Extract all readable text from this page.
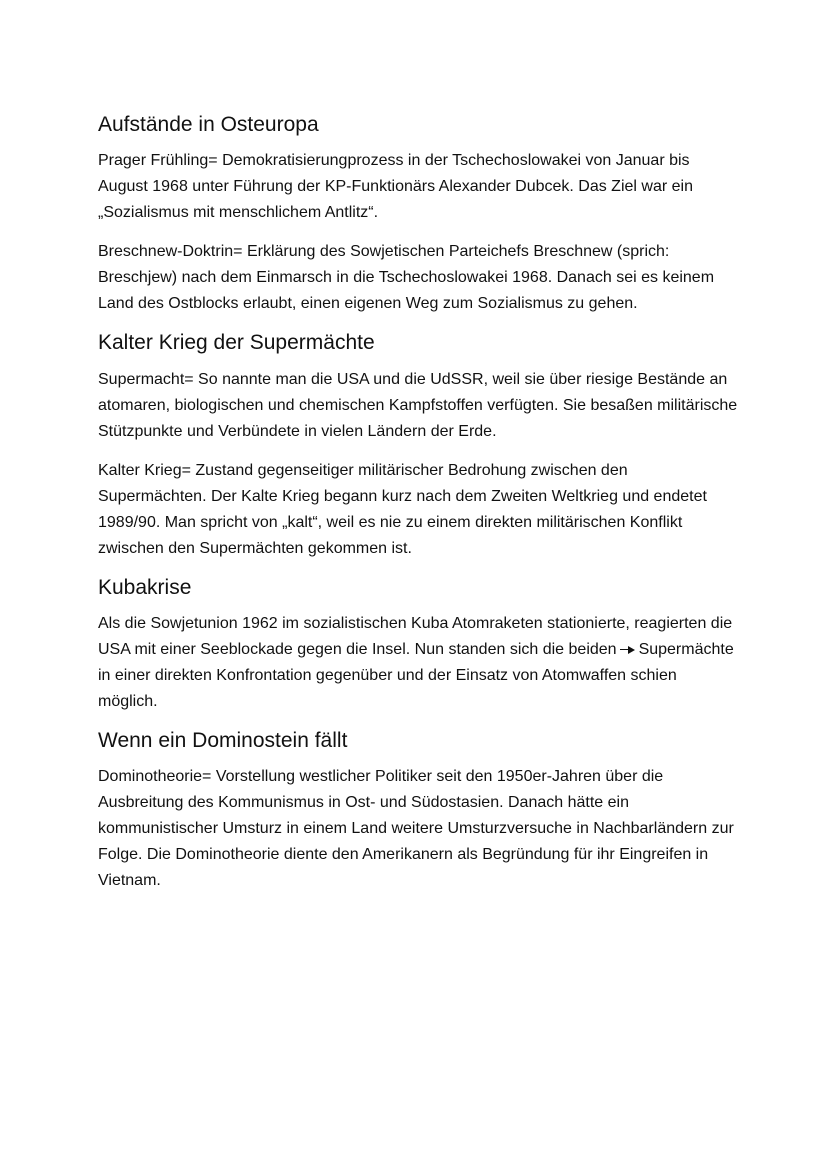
Aufstände in Osteuropa

Prager Frühling= Demokratisierungprozess in der Tschechoslowakei von Januar bis August 1968 unter Führung der KP-Funktionärs Alexander Dubcek. Das Ziel war ein „Sozialismus mit menschlichem Antlitz“.

Breschnew-Doktrin= Erklärung des Sowjetischen Parteichefs Breschnew (sprich: Breschjew) nach dem Einmarsch in die Tschechoslowakei 1968. Danach sei es keinem Land des Ostblocks erlaubt, einen eigenen Weg zum Sozialismus zu gehen.

Kalter Krieg der Supermächte

Supermacht= So nannte man die USA und die UdSSR, weil sie über riesige Bestände an atomaren, biologischen und chemischen Kampfstoffen verfügten. Sie besaßen militärische Stützpunkte und Verbündete in vielen Ländern der Erde.

Kalter Krieg= Zustand gegenseitiger militärischer Bedrohung zwischen den Supermächten. Der Kalte Krieg begann kurz nach dem Zweiten Weltkrieg und endetet 1989/90. Man spricht von „kalt“, weil es nie zu einem direkten militärischen Konflikt zwischen den Supermächten gekommen ist.

Kubakrise

Als die Sowjetunion 1962 im sozialistischen Kuba Atomraketen stationierte, reagierten die USA mit einer Seeblockade gegen die Insel. Nun standen sich die beiden Supermächte in einer direkten Konfrontation gegenüber und der Einsatz von Atomwaffen schien möglich.

Wenn ein Dominostein fällt

Dominotheorie= Vorstellung westlicher Politiker seit den 1950er-Jahren über die Ausbreitung des Kommunismus in Ost- und Südostasien. Danach hätte ein kommunistischer Umsturz in einem Land weitere Umsturzversuche in Nachbarländern zur Folge. Die Dominotheorie diente den Amerikanern als Begründung für ihr Eingreifen in Vietnam.
